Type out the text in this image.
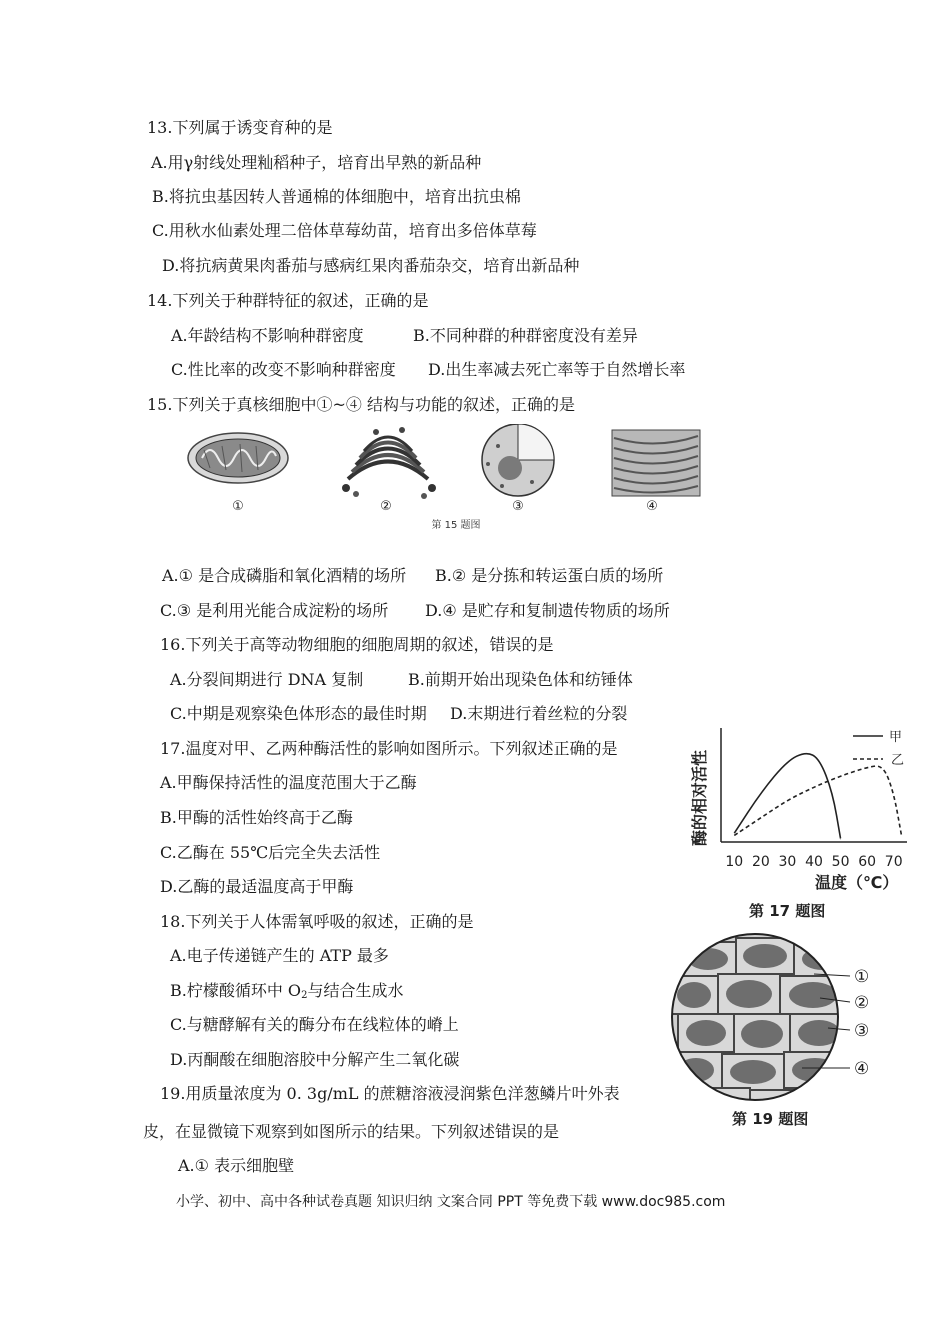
13.下列属于诱变育种的是
A.用γ射线处理籼稻种子，培育出早熟的新品种
B.将抗虫基因转人普通棉的体细胞中，培育出抗虫棉
C.用秋水仙素处理二倍体草莓幼苗，培育出多倍体草莓
D.将抗病黄果肉番茄与感病红果肉番茄杂交，培育出新品种
14.下列关于种群特征的叙述，正确的是
A.年龄结构不影响种群密度	B.不同种群的种群密度没有差异
C.性比率的改变不影响种群密度 D.出生率减去死亡率等于自然增长率
15.下列关于真核细胞中①~④ 结构与功能的叙述，正确的是
①	②	③	④
第 15 题图
A.① 是合成磷脂和氧化酒精的场所 B.② 是分拣和转运蛋白质的场所
C.③ 是利用光能合成淀粉的场所 D.④ 是贮存和复制遗传物质的场所
16.下列关于高等动物细胞的细胞周期的叙述，错误的是
A.分裂间期进行 DNA 复制	B.前期开始出现染色体和纺锤体
C.中期是观察染色体形态的最佳时期 D.末期进行着丝粒的分裂
17.温度对甲、乙两种酶活性的影响如图所示。下列叙述正确的是
A.甲酶保持活性的温度范围大于乙酶
B.甲酶的活性始终高于乙酶
C.乙酶在 55℃后完全失去活性
D.乙酶的最适温度高于甲酶
酶的相对活性
10 20 30 40 50 60 70
甲
乙
温度（℃）
第 17 题图
18.下列关于人体需氧呼吸的叙述，正确的是
A.电子传递链产生的 ATP 最多
B.柠檬酸循环中 $O_2$与结合生成水
C.与糖酵解有关的酶分布在线粒体的嵴上
D.丙酮酸在细胞溶胶中分解产生二氧化碳
①
②
③
④
第 19 题图
19.用质量浓度为 0. 3g/mL 的蔗糖溶液浸润紫色洋葱鳞片叶外表
皮，在显微镜下观察到如图所示的结果。下列叙述错误的是
A.① 表示细胞壁
小学、初中、高中各种试卷真题 知识归纳 文案合同 PPT 等免费下载 www.doc985.com
